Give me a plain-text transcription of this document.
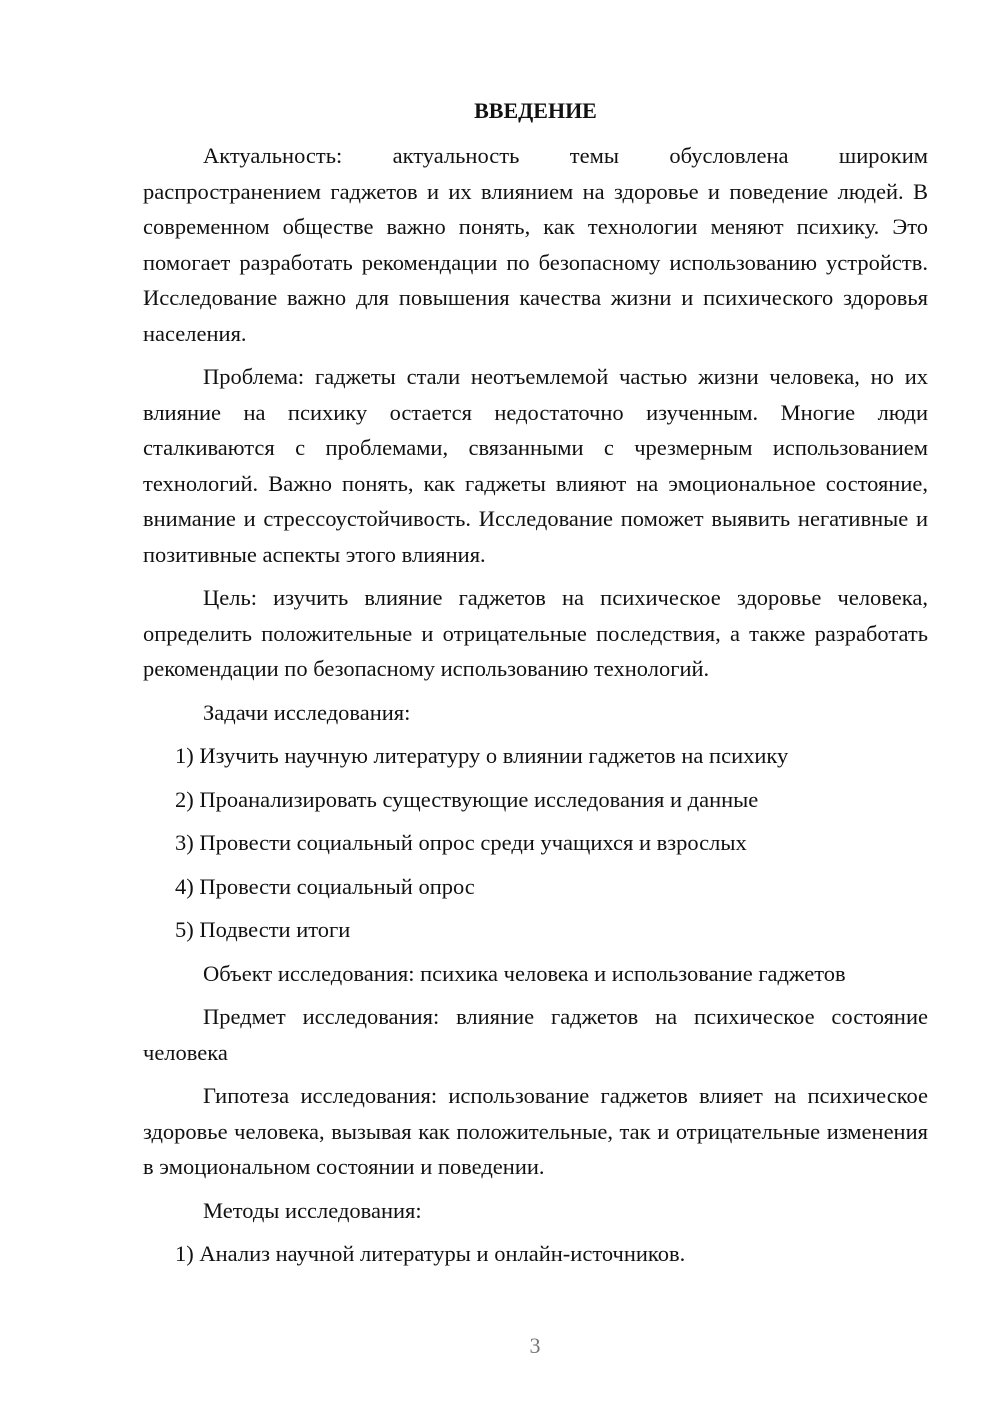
ВВЕДЕНИЕ

Актуальность: актуальность темы обусловлена широким распространением гаджетов и их влиянием на здоровье и поведение людей. В современном обществе важно понять, как технологии меняют психику. Это помогает разработать рекомендации по безопасному использованию устройств. Исследование важно для повышения качества жизни и психического здоровья населения.

Проблема: гаджеты стали неотъемлемой частью жизни человека, но их влияние на психику остается недостаточно изученным. Многие люди сталкиваются с проблемами, связанными с чрезмерным использованием технологий. Важно понять, как гаджеты влияют на эмоциональное состояние, внимание и стрессоустойчивость. Исследование поможет выявить негативные и позитивные аспекты этого влияния.

Цель: изучить влияние гаджетов на психическое здоровье человека, определить положительные и отрицательные последствия, а также разработать рекомендации по безопасному использованию технологий.

Задачи исследования:

1) Изучить научную литературу о влиянии гаджетов на психику
2) Проанализировать существующие исследования и данные
3) Провести социальный опрос среди учащихся и взрослых
4) Провести социальный опрос
5) Подвести итоги

Объект исследования: психика человека и использование гаджетов

Предмет исследования: влияние гаджетов на психическое состояние человека

Гипотеза исследования: использование гаджетов влияет на психическое здоровье человека, вызывая как положительные, так и отрицательные изменения в эмоциональном состоянии и поведении.

Методы исследования:

1) Анализ научной литературы и онлайн-источников.
3
